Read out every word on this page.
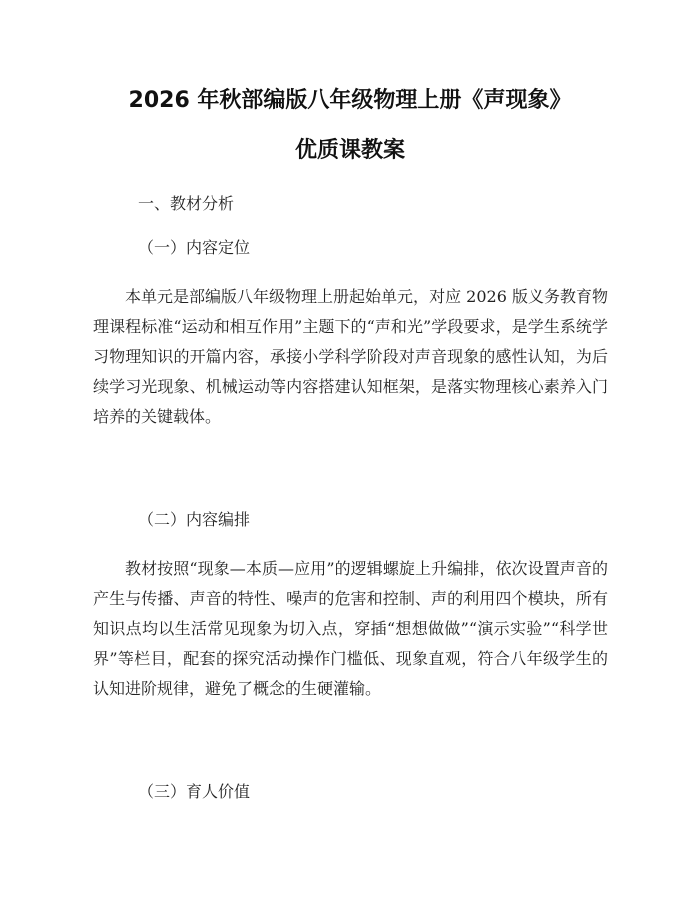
2026 年秋部编版八年级物理上册《声现象》
优质课教案
一、教材分析
（一）内容定位

本单元是部编版八年级物理上册起始单元，对应 2026 版义务教育物理课程标准“运动和相互作用”主题下的“声和光”学段要求，是学生系统学习物理知识的开篇内容，承接小学科学阶段对声音现象的感性认知，为后续学习光现象、机械运动等内容搭建认知框架，是落实物理核心素养入门培养的关键载体。

（二）内容编排

教材按照“现象—本质—应用”的逻辑螺旋上升编排，依次设置声音的产生与传播、声音的特性、噪声的危害和控制、声的利用四个模块，所有知识点均以生活常见现象为切入点，穿插“想想做做”“演示实验”“科学世界”等栏目，配套的探究活动操作门槛低、现象直观，符合八年级学生的认知进阶规律，避免了概念的生硬灌输。

（三）育人价值
